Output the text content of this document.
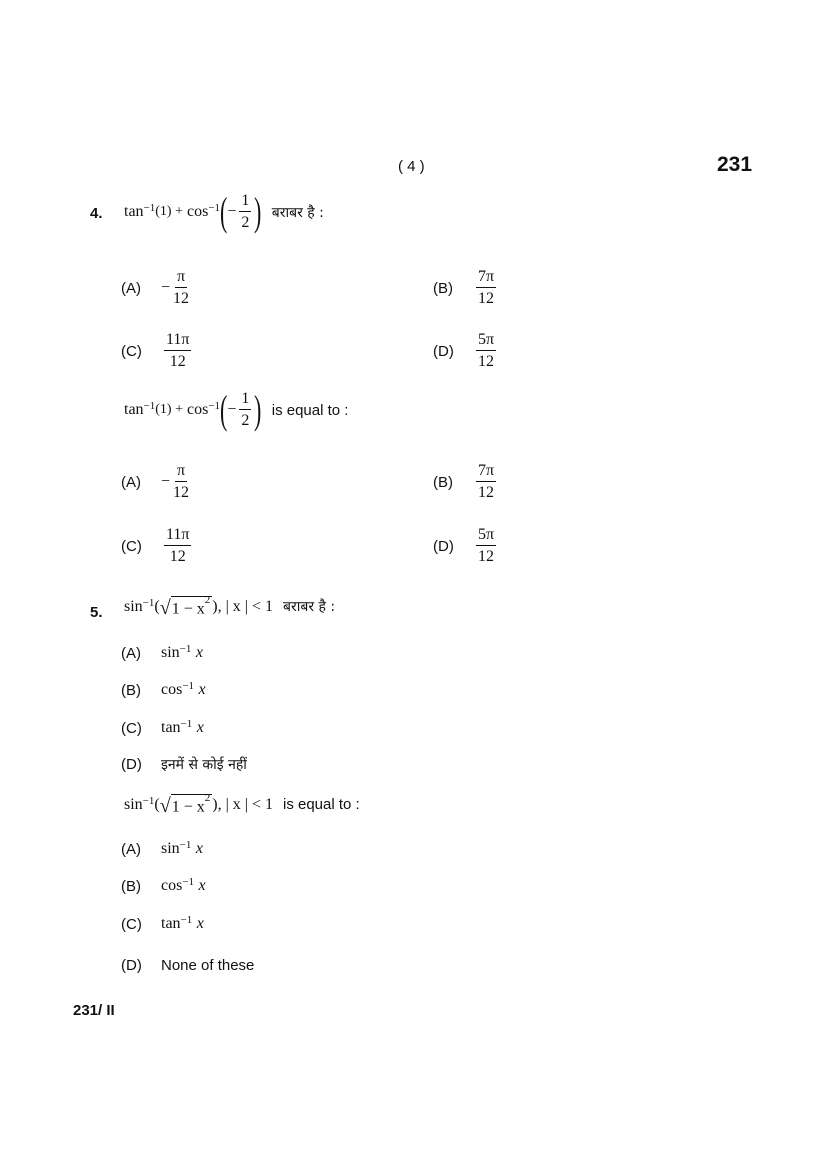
( 4 )	231
4. $\tan^{-1} (1)$ +
$\cos^{-1}$ ( − $\frac{1}{2}$ ) बराबर है :
(A)	− $\frac{\pi}{12}$	(B)	$\frac{7\pi}{12}$
(C)	$\frac{11\pi}{12}$	(D)	$\frac{5\pi}{12}$
$\tan^{-1} (1)$ +
$\cos^{-1}$ ( − $\frac{1}{2}$ ) is equal to :
(A)	− $\frac{\pi}{12}$	(B)	$\frac{7\pi}{12}$
(C)	$\frac{11\pi}{12}$	(D)	$\frac{5\pi}{12}$
5. $\sin^{-1}$ ( √ $1 - x^2$ ), | x | < 1 बराबर है :
(A)	$\sin^{-1}$
x
(B)	$\cos^{-1}$
x
(C)	$\tan^{-1}$
x
(D)	इनमें से कोई नहीं
$\sin^{-1}$ ( √ $1 - x^2$ ), | x | < 1 is equal to :
(A)	$\sin^{-1}$
x
(B)	$\cos^{-1}$
x
(C)	$\tan^{-1}$
x
(D)	None of these
231/ II
